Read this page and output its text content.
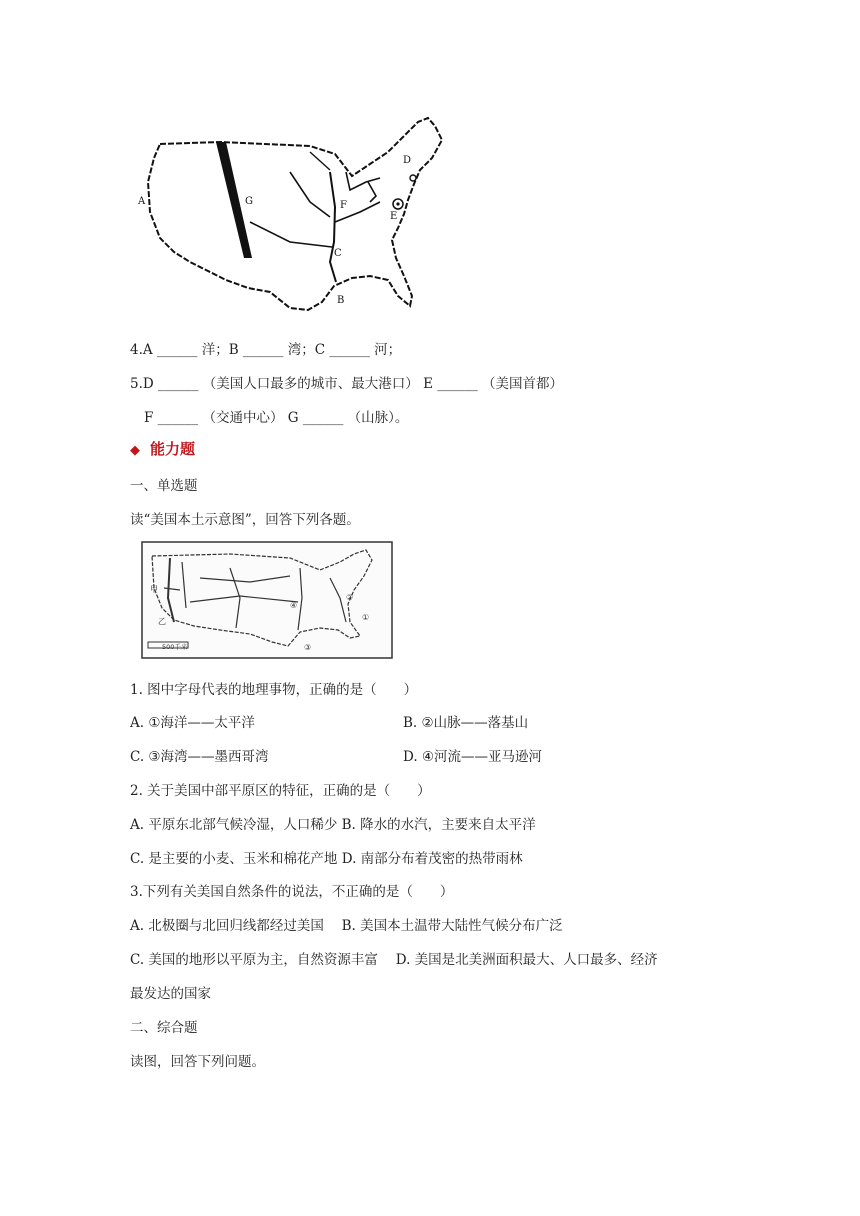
A
B
C
D
E
F
G
4.A ______ 洋；B ______ 湾；C ______ 河；
5.D ______ （美国人口最多的城市、最大港口） E ______ （美国首都）
F ______ （交通中心） G ______ （山脉）。
◆ 能力题
一、单选题
读“美国本土示意图”，回答下列各题。
①
②
③
④
甲
乙
500千米
1. 图中字母代表的地理事物，正确的是（　　）
A. ①海洋——太平洋	B. ②山脉——落基山
C. ③海湾——墨西哥湾	D. ④河流——亚马逊河
2. 关于美国中部平原区的特征，正确的是（　　）
A. 平原东北部气候冷湿，人口稀少 B. 降水的水汽，主要来自太平洋
C. 是主要的小麦、玉米和棉花产地 D. 南部分布着茂密的热带雨林
3.下列有关美国自然条件的说法，不正确的是（　　）
A. 北极圈与北回归线都经过美国　 B. 美国本土温带大陆性气候分布广泛
C. 美国的地形以平原为主，自然资源丰富　 D. 美国是北美洲面积最大、人口最多、经济
最发达的国家
二、综合题
读图，回答下列问题。
